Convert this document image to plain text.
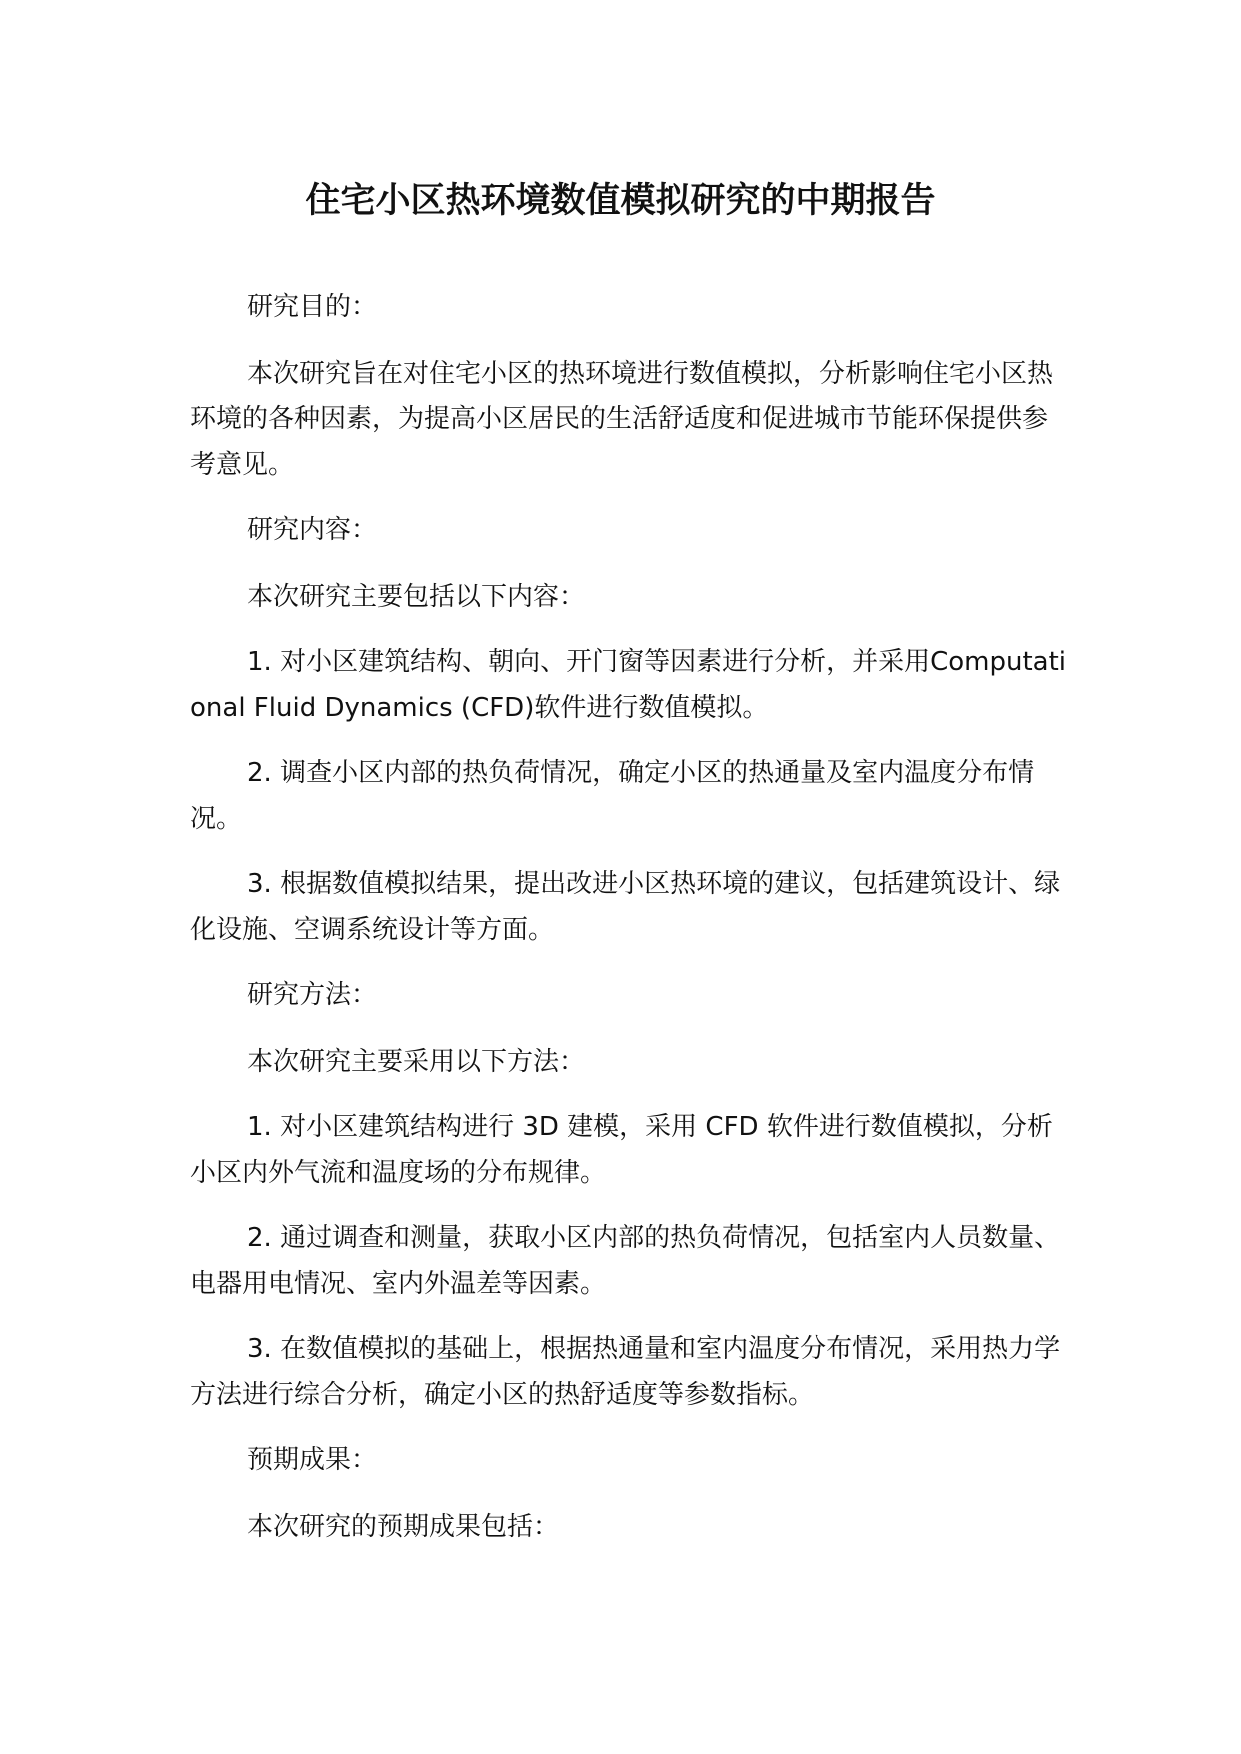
住宅小区热环境数值模拟研究的中期报告

研究目的：

本次研究旨在对住宅小区的热环境进行数值模拟，分析影响住宅小区热环境的各种因素，为提高小区居民的生活舒适度和促进城市节能环保提供参考意见。

研究内容：

本次研究主要包括以下内容：

1. 对小区建筑结构、朝向、开门窗等因素进行分析，并采用Computational Fluid Dynamics (CFD)软件进行数值模拟。

2. 调查小区内部的热负荷情况，确定小区的热通量及室内温度分布情况。

3. 根据数值模拟结果，提出改进小区热环境的建议，包括建筑设计、绿化设施、空调系统设计等方面。

研究方法：

本次研究主要采用以下方法：

1. 对小区建筑结构进行 3D 建模，采用 CFD 软件进行数值模拟，分析小区内外气流和温度场的分布规律。

2. 通过调查和测量，获取小区内部的热负荷情况，包括室内人员数量、电器用电情况、室内外温差等因素。

3. 在数值模拟的基础上，根据热通量和室内温度分布情况，采用热力学方法进行综合分析，确定小区的热舒适度等参数指标。

预期成果：

本次研究的预期成果包括：
